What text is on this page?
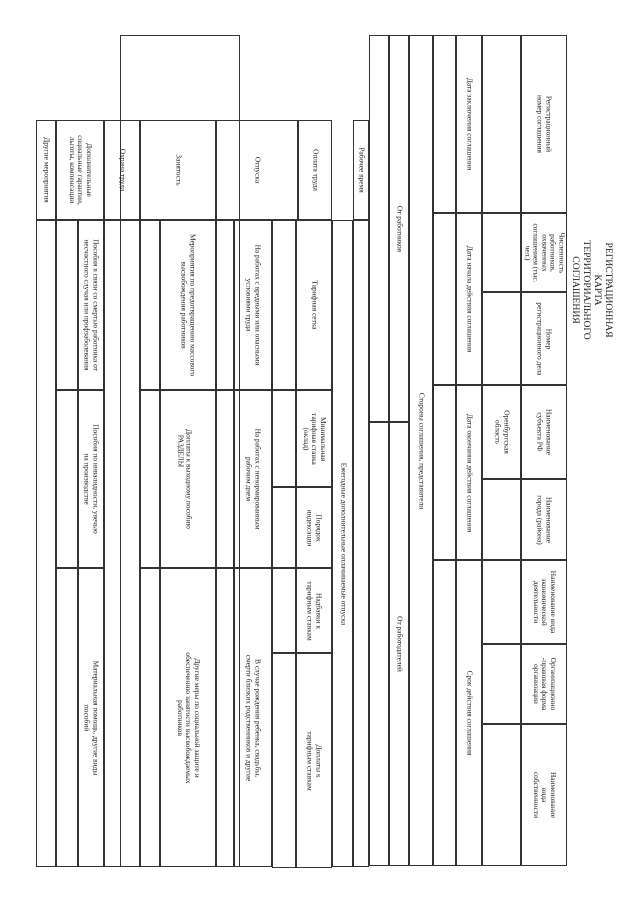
РЕГИСТРАЦИОННАЯ КАРТА
ТЕРРИТОРИАЛЬНОГО СОГЛАШЕНИЯ
Регистрационный
номер соглашения
Численность
работников, охваченных
соглашением (тыс. чел.)
Номер
регистрационного дела
Наименование
субъекта РФ
Наименование
города (района)
Наименование вида
экономической
деятельности
Организационно
-правовая форма
организации
Наименование
вида
собственности
Оренбургская
область
Дата заключения соглашения
Дата начала действия соглашения
Дата окончания действия соглашения
Срок действия соглашения
Стороны соглашения, представители
От работников
От работодателей
РАЗДЕЛЫ
Рабочее время
Ежегодные дополнительные оплачиваемые отпуска
Оплата труда
Тарифная сетка
Минимальная
тарифная ставка
(оклад)
Порядок
индексации
Надбавки к
тарифным ставкам
Доплаты к
тарифным ставкам
Отпуска
На работах с вредными или опасными
условиями труда
На работах с ненормированным
рабочим днем
В случае рождения ребенка, свадьбы,
смерти близких родственников и другие
Занятость
Мероприятия по предотвращению массового
высвобождения работников
Доплаты к выходному пособию
Другие меры по социальной защите и
обеспечению занятости высвобождаемых
работников
Охрана труда
Дополнительные
социальные гарантии,
льготы, компенсации
Пособия в связи со смертью работника от
несчастного случая или профзаболевания
Пособия по инвалидности, увечью
на производстве
Материальная помощь, другие виды
пособий
Другие мероприятия
